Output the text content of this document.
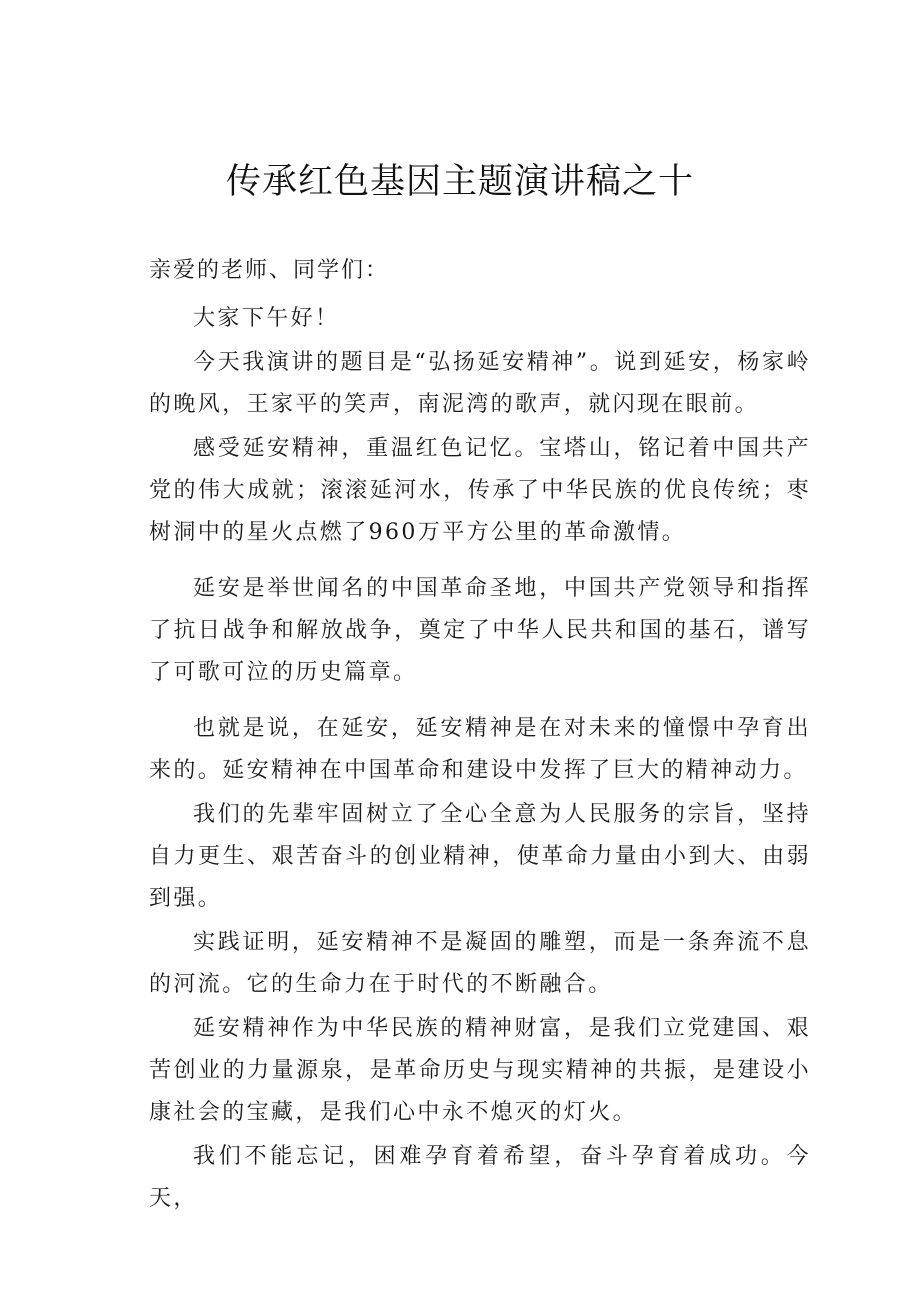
传承红色基因主题演讲稿之十
亲爱的老师、同学们：

大家下午好！

今天我演讲的题目是“弘扬延安精神”。说到延安，杨家岭的晚风，王家平的笑声，南泥湾的歌声，就闪现在眼前。

感受延安精神，重温红色记忆。宝塔山，铭记着中国共产党的伟大成就；滚滚延河水，传承了中华民族的优良传统；枣树洞中的星火点燃了960万平方公里的革命激情。

延安是举世闻名的中国革命圣地，中国共产党领导和指挥了抗日战争和解放战争，奠定了中华人民共和国的基石，谱写了可歌可泣的历史篇章。

也就是说，在延安，延安精神是在对未来的憧憬中孕育出来的。延安精神在中国革命和建设中发挥了巨大的精神动力。

我们的先辈牢固树立了全心全意为人民服务的宗旨，坚持自力更生、艰苦奋斗的创业精神，使革命力量由小到大、由弱到强。

实践证明，延安精神不是凝固的雕塑，而是一条奔流不息的河流。它的生命力在于时代的不断融合。

延安精神作为中华民族的精神财富，是我们立党建国、艰苦创业的力量源泉，是革命历史与现实精神的共振，是建设小康社会的宝藏，是我们心中永不熄灭的灯火。

我们不能忘记，困难孕育着希望，奋斗孕育着成功。今天，
